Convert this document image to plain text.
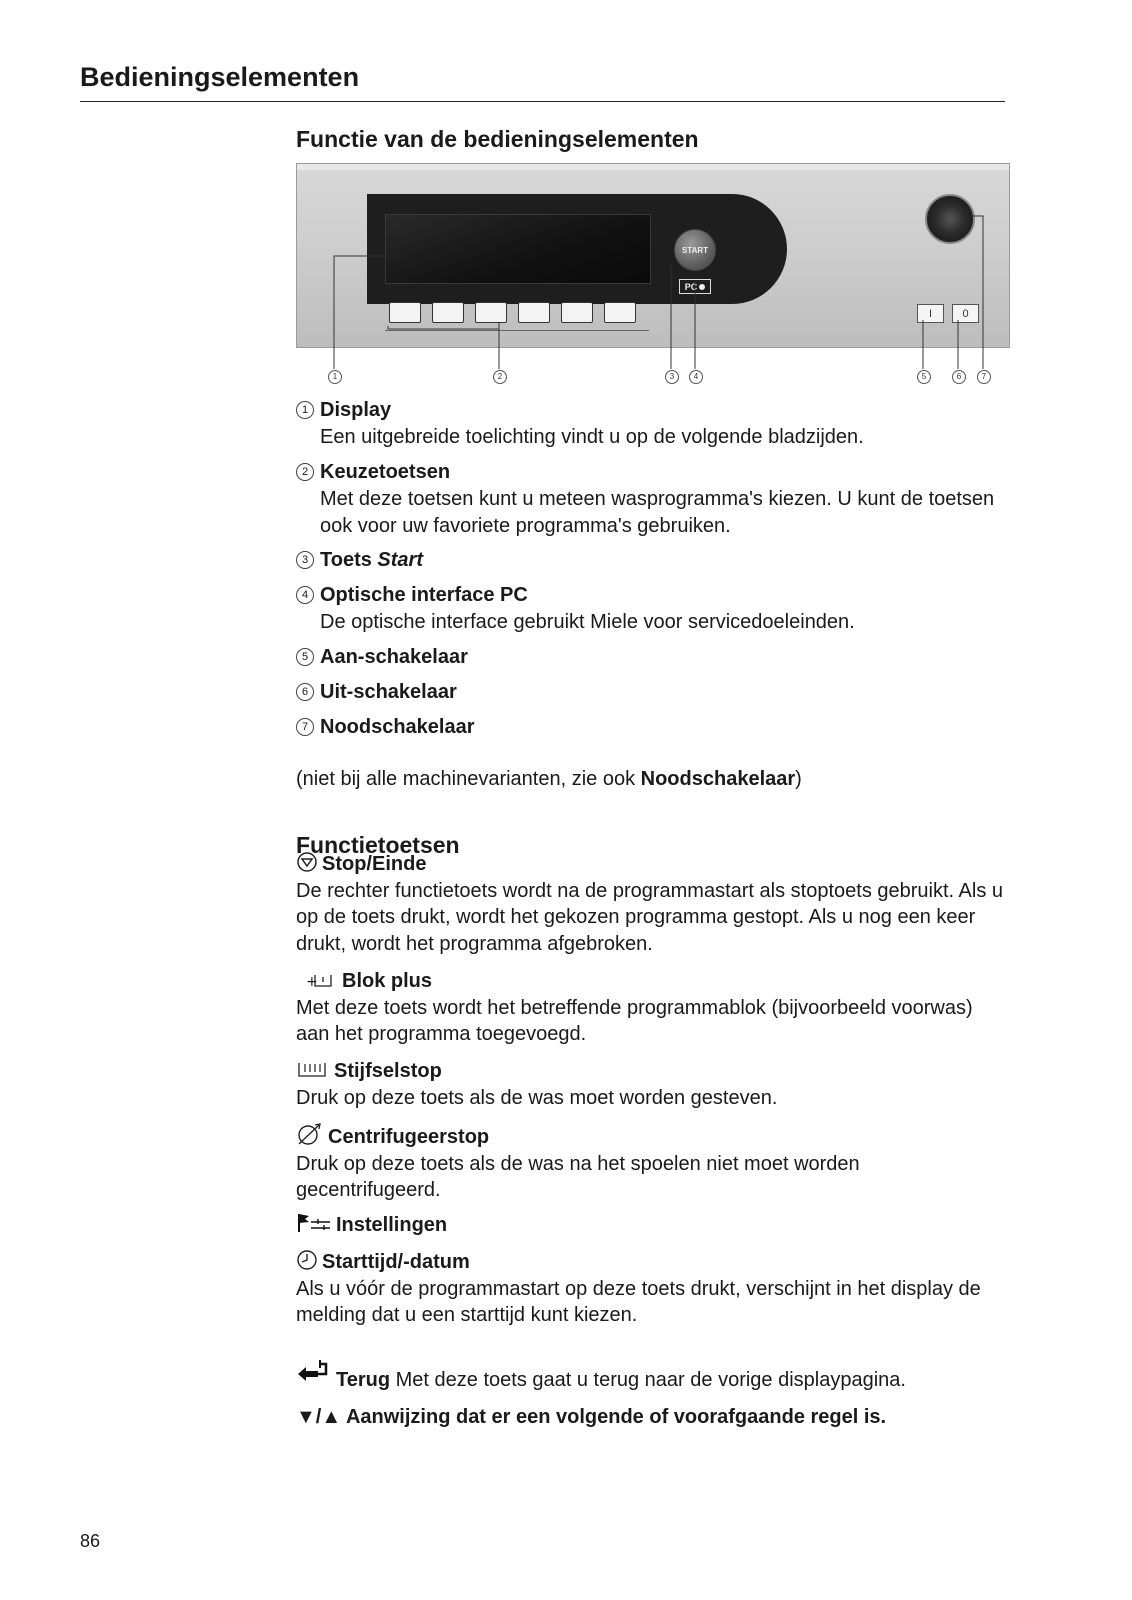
Bedieningselementen
Functie van de bedieningselementen
START
PC
I	0
1	2	3	4	5	6	7
1 Display
Een uitgebreide toelichting vindt u op de volgende bladzijden.
2 Keuzetoetsen
Met deze toetsen kunt u meteen wasprogramma's kiezen. U kunt de toetsen ook voor uw favoriete programma's gebruiken.
3 Toets Start
4 Optische interface PC
De optische interface gebruikt Miele voor servicedoeleinden.
5 Aan-schakelaar
6 Uit-schakelaar
7 Noodschakelaar
(niet bij alle machinevarianten, zie ook Noodschakelaar)
Functietoetsen
Stop/Einde
De rechter functietoets wordt na de programmastart als stoptoets gebruikt. Als u op de toets drukt, wordt het gekozen programma gestopt. Als u nog een keer drukt, wordt het programma afgebroken.
+ Blok plus
Met deze toets wordt het betreffende programmablok (bijvoorbeeld voorwas) aan het programma toegevoegd.
Stijfselstop
Druk op deze toets als de was moet worden gesteven.
Centrifugeerstop
Druk op deze toets als de was na het spoelen niet moet worden gecentrifugeerd.
Instellingen
Starttijd/-datum
Als u vóór de programmastart op deze toets drukt, verschijnt in het display de melding dat u een starttijd kunt kiezen.
Terug Met deze toets gaat u terug naar de vorige displaypagina.
▼/▲ Aanwijzing dat er een volgende of voorafgaande regel is.
86
